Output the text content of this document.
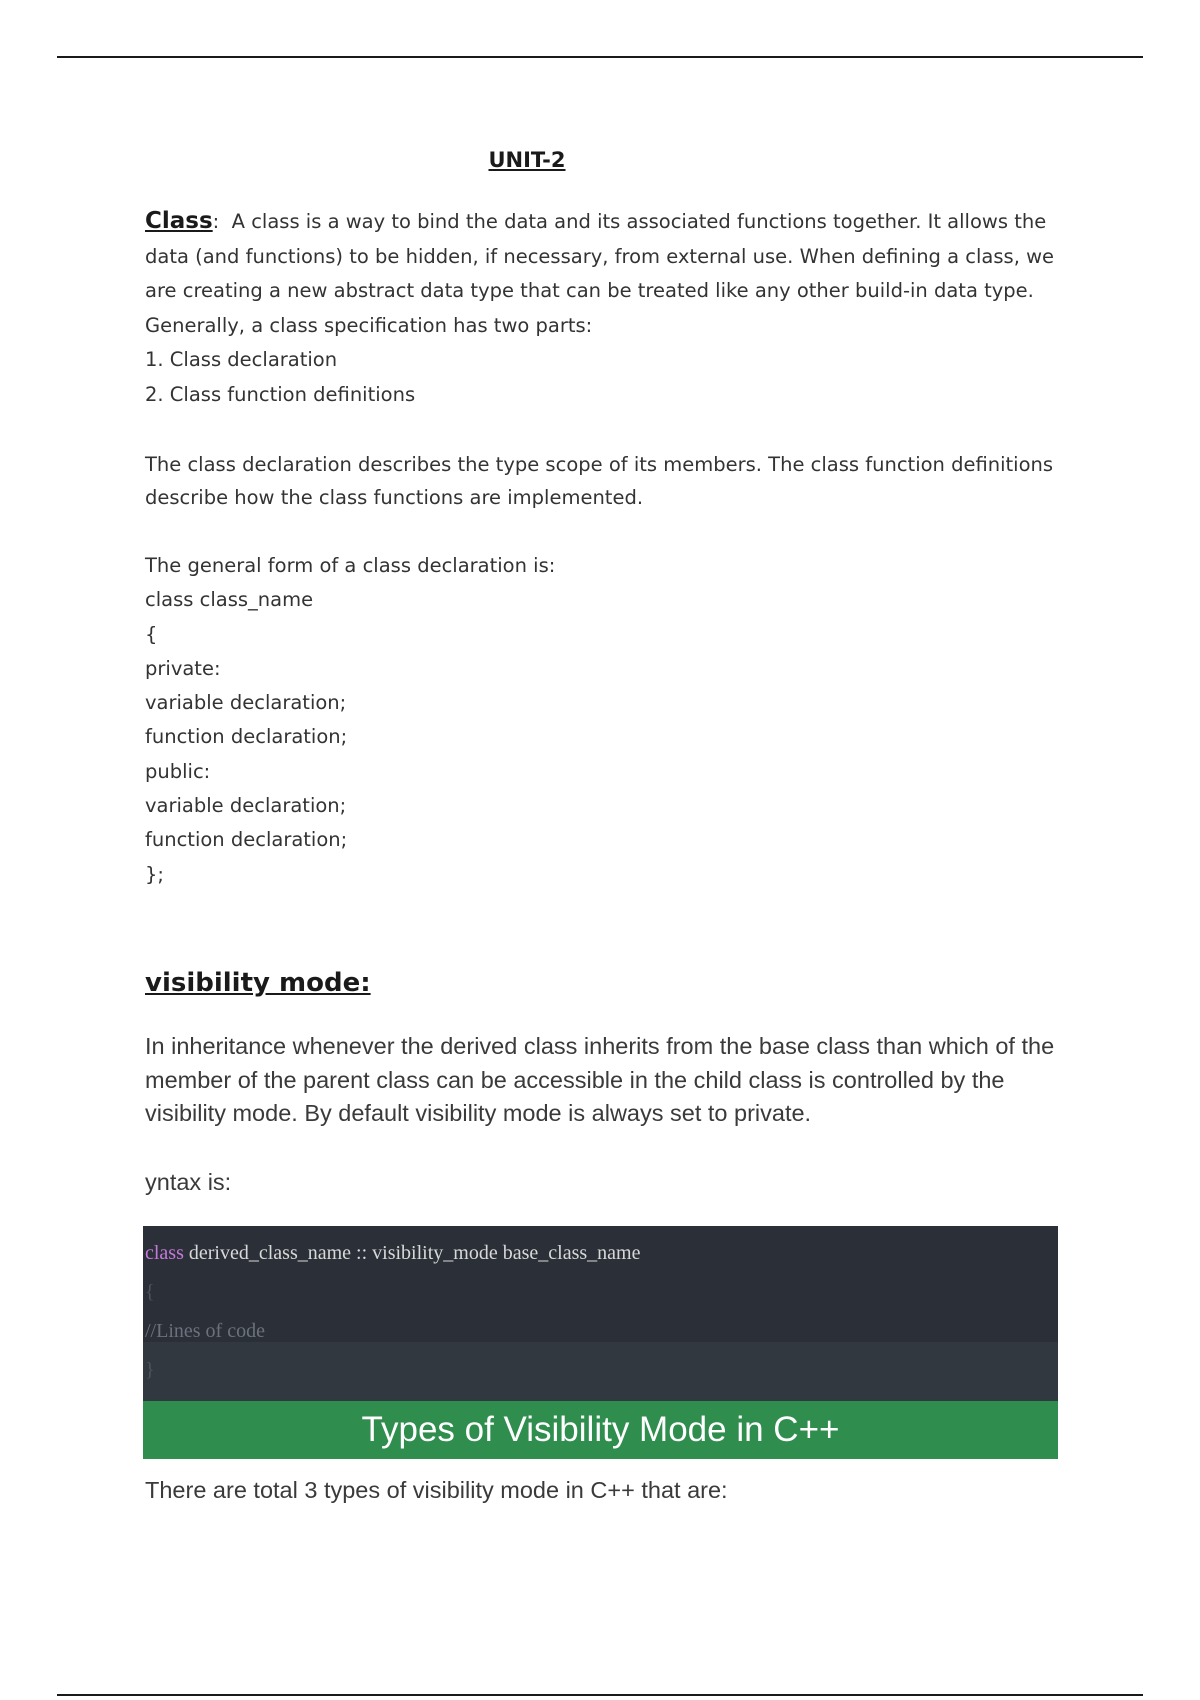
UNIT-2

Class: A class is a way to bind the data and its associated functions together. It allows the data (and functions) to be hidden, if necessary, from external use. When defining a class, we are creating a new abstract data type that can be treated like any other build-in data type. Generally, a class specification has two parts:

1. Class declaration

2. Class function definitions

The class declaration describes the type scope of its members. The class function definitions describe how the class functions are implemented.

The general form of a class declaration is:

class class_name

{

private:

variable declaration;

function declaration;

public:

variable declaration;

function declaration;

};

visibility mode:
In inheritance whenever the derived class inherits from the base class than which of the member of the parent class can be accessible in the child class is controlled by the visibility mode. By default visibility mode is always set to private.
yntax is:
class derived_class_name :: visibility_mode base_class_name
{
//Lines of code
}
Types of Visibility Mode in C++
There are total 3 types of visibility mode in C++ that are:
